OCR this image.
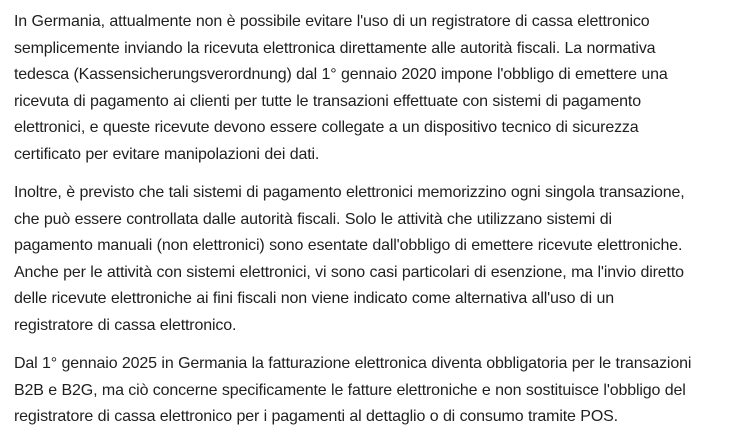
In Germania, attualmente non è possibile evitare l'uso di un registratore di cassa elettronico
semplicemente inviando la ricevuta elettronica direttamente alle autorità fiscali. La normativa
tedesca (Kassensicherungsverordnung) dal 1° gennaio 2020 impone l'obbligo di emettere una
ricevuta di pagamento ai clienti per tutte le transazioni effettuate con sistemi di pagamento
elettronici, e queste ricevute devono essere collegate a un dispositivo tecnico di sicurezza
certificato per evitare manipolazioni dei dati.

Inoltre, è previsto che tali sistemi di pagamento elettronici memorizzino ogni singola transazione,
che può essere controllata dalle autorità fiscali. Solo le attività che utilizzano sistemi di
pagamento manuali (non elettronici) sono esentate dall'obbligo di emettere ricevute elettroniche.
Anche per le attività con sistemi elettronici, vi sono casi particolari di esenzione, ma l'invio diretto
delle ricevute elettroniche ai fini fiscali non viene indicato come alternativa all'uso di un
registratore di cassa elettronico.

Dal 1° gennaio 2025 in Germania la fatturazione elettronica diventa obbligatoria per le transazioni
B2B e B2G, ma ciò concerne specificamente le fatture elettroniche e non sostituisce l'obbligo del
registratore di cassa elettronico per i pagamenti al dettaglio o di consumo tramite POS.
